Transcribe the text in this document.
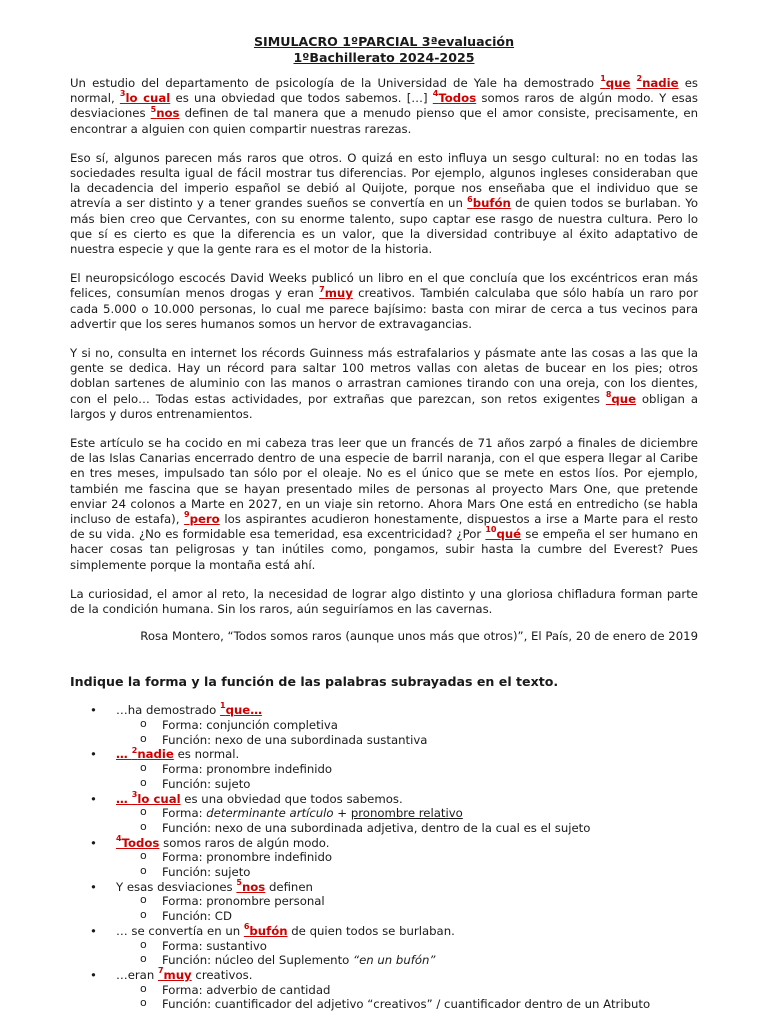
SIMULACRO 1ºPARCIAL 3ªevaluación
1ºBachillerato 2024-2025

Un estudio del departamento de psicología de la Universidad de Yale ha demostrado $^1$que $^2$nadie es normal, $^3$lo cual es una obviedad que todos sabemos. […] $^4$Todos somos raros de algún modo. Y esas desviaciones $^5$nos definen de tal manera que a menudo pienso que el amor consiste, precisamente, en encontrar a alguien con quien compartir nuestras rarezas.

Eso sí, algunos parecen más raros que otros. O quizá en esto influya un sesgo cultural: no en todas las sociedades resulta igual de fácil mostrar tus diferencias. Por ejemplo, algunos ingleses consideraban que la decadencia del imperio español se debió al Quijote, porque nos enseñaba que el individuo que se atrevía a ser distinto y a tener grandes sueños se convertía en un $^6$bufón de quien todos se burlaban. Yo más bien creo que Cervantes, con su enorme talento, supo captar ese rasgo de nuestra cultura. Pero lo que sí es cierto es que la diferencia es un valor, que la diversidad contribuye al éxito adaptativo de nuestra especie y que la gente rara es el motor de la historia.

El neuropsicólogo escocés David Weeks publicó un libro en el que concluía que los excéntricos eran más felices, consumían menos drogas y eran $^7$muy creativos. También calculaba que sólo había un raro por cada 5.000 o 10.000 personas, lo cual me parece bajísimo: basta con mirar de cerca a tus vecinos para advertir que los seres humanos somos un hervor de extravagancias.

Y si no, consulta en internet los récords Guinness más estrafalarios y pásmate ante las cosas a las que la gente se dedica. Hay un récord para saltar 100 metros vallas con aletas de bucear en los pies; otros doblan sartenes de aluminio con las manos o arrastran camiones tirando con una oreja, con los dientes, con el pelo… Todas estas actividades, por extrañas que parezcan, son retos exigentes $^8$que obligan a largos y duros entrenamientos.

Este artículo se ha cocido en mi cabeza tras leer que un francés de 71 años zarpó a finales de diciembre de las Islas Canarias encerrado dentro de una especie de barril naranja, con el que espera llegar al Caribe en tres meses, impulsado tan sólo por el oleaje. No es el único que se mete en estos líos. Por ejemplo, también me fascina que se hayan presentado miles de personas al proyecto Mars One, que pretende enviar 24 colonos a Marte en 2027, en un viaje sin retorno. Ahora Mars One está en entredicho (se habla incluso de estafa), $^9$pero los aspirantes acudieron honestamente, dispuestos a irse a Marte para el resto de su vida. ¿No es formidable esa temeridad, esa excentricidad? ¿Por $^{10}$qué se empeña el ser humano en hacer cosas tan peligrosas y tan inútiles como, pongamos, subir hasta la cumbre del Everest? Pues simplemente porque la montaña está ahí.

La curiosidad, el amor al reto, la necesidad de lograr algo distinto y una gloriosa chifladura forman parte de la condición humana. Sin los raros, aún seguiríamos en las cavernas.

Rosa Montero, “Todos somos raros (aunque unos más que otros)”, El País, 20 de enero de 2019
Indique la forma y la función de las palabras subrayadas en el texto.
• …ha demostrado $^1$que…
o Forma: conjunción completiva
o Función: nexo de una subordinada sustantiva
• … $^2$nadie es normal.
o Forma: pronombre indefinido
o Función: sujeto
• … $^3$lo cual es una obviedad que todos sabemos.
o Forma: determinante artículo + pronombre relativo
o Función: nexo de una subordinada adjetiva, dentro de la cual es el sujeto
• $^4$Todos somos raros de algún modo.
o Forma: pronombre indefinido
o Función: sujeto
• Y esas desviaciones $^5$nos definen
o Forma: pronombre personal
o Función: CD
• … se convertía en un $^6$bufón de quien todos se burlaban.
o Forma: sustantivo
o Función: núcleo del Suplemento “en un bufón”
• …eran $^7$muy creativos.
o Forma: adverbio de cantidad
o Función: cuantificador del adjetivo “creativos” / cuantificador dentro de un Atributo
